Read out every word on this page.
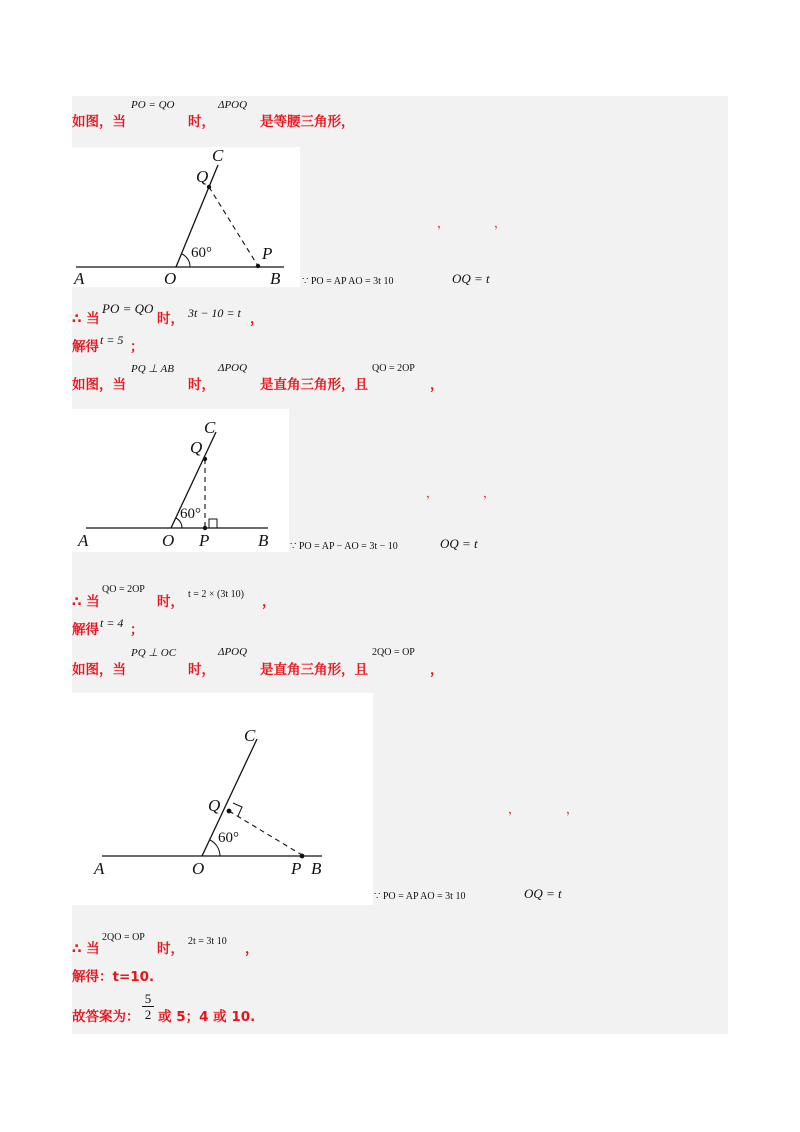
如图，当
PO = QO
时，
ΔPOQ
是等腰三角形，
C
Q
60°	P
A	O	B
，	，
∵ PO = AP AO = 3t 10	OQ = t
∴ 当
PO = QO
时， 3t − 10 = t ，
解得 t = 5 ；
如图，当
PQ ⊥ AB
时，
ΔPOQ
是直角三角形，且
QO = 2OP
，
C
Q
60°
A	O P	B
，	，
∵ PO = AP − AO = 3t − 10	OQ = t
∴ 当
QO = 2OP
时， t = 2 × (3t 10) ，
解得 t = 4 ；
如图，当
PQ ⊥ OC
时，
ΔPOQ
是直角三角形，且
2QO = OP
，
C
Q
60°
A	O	P B
，	，
∵ PO = AP AO = 3t 10	OQ = t
∴ 当
2QO = OP
时， 2t = 3t 10 ，
解得：t=10.
故答案为： $\frac{5}{2}$ 或 5；4 或 10.
